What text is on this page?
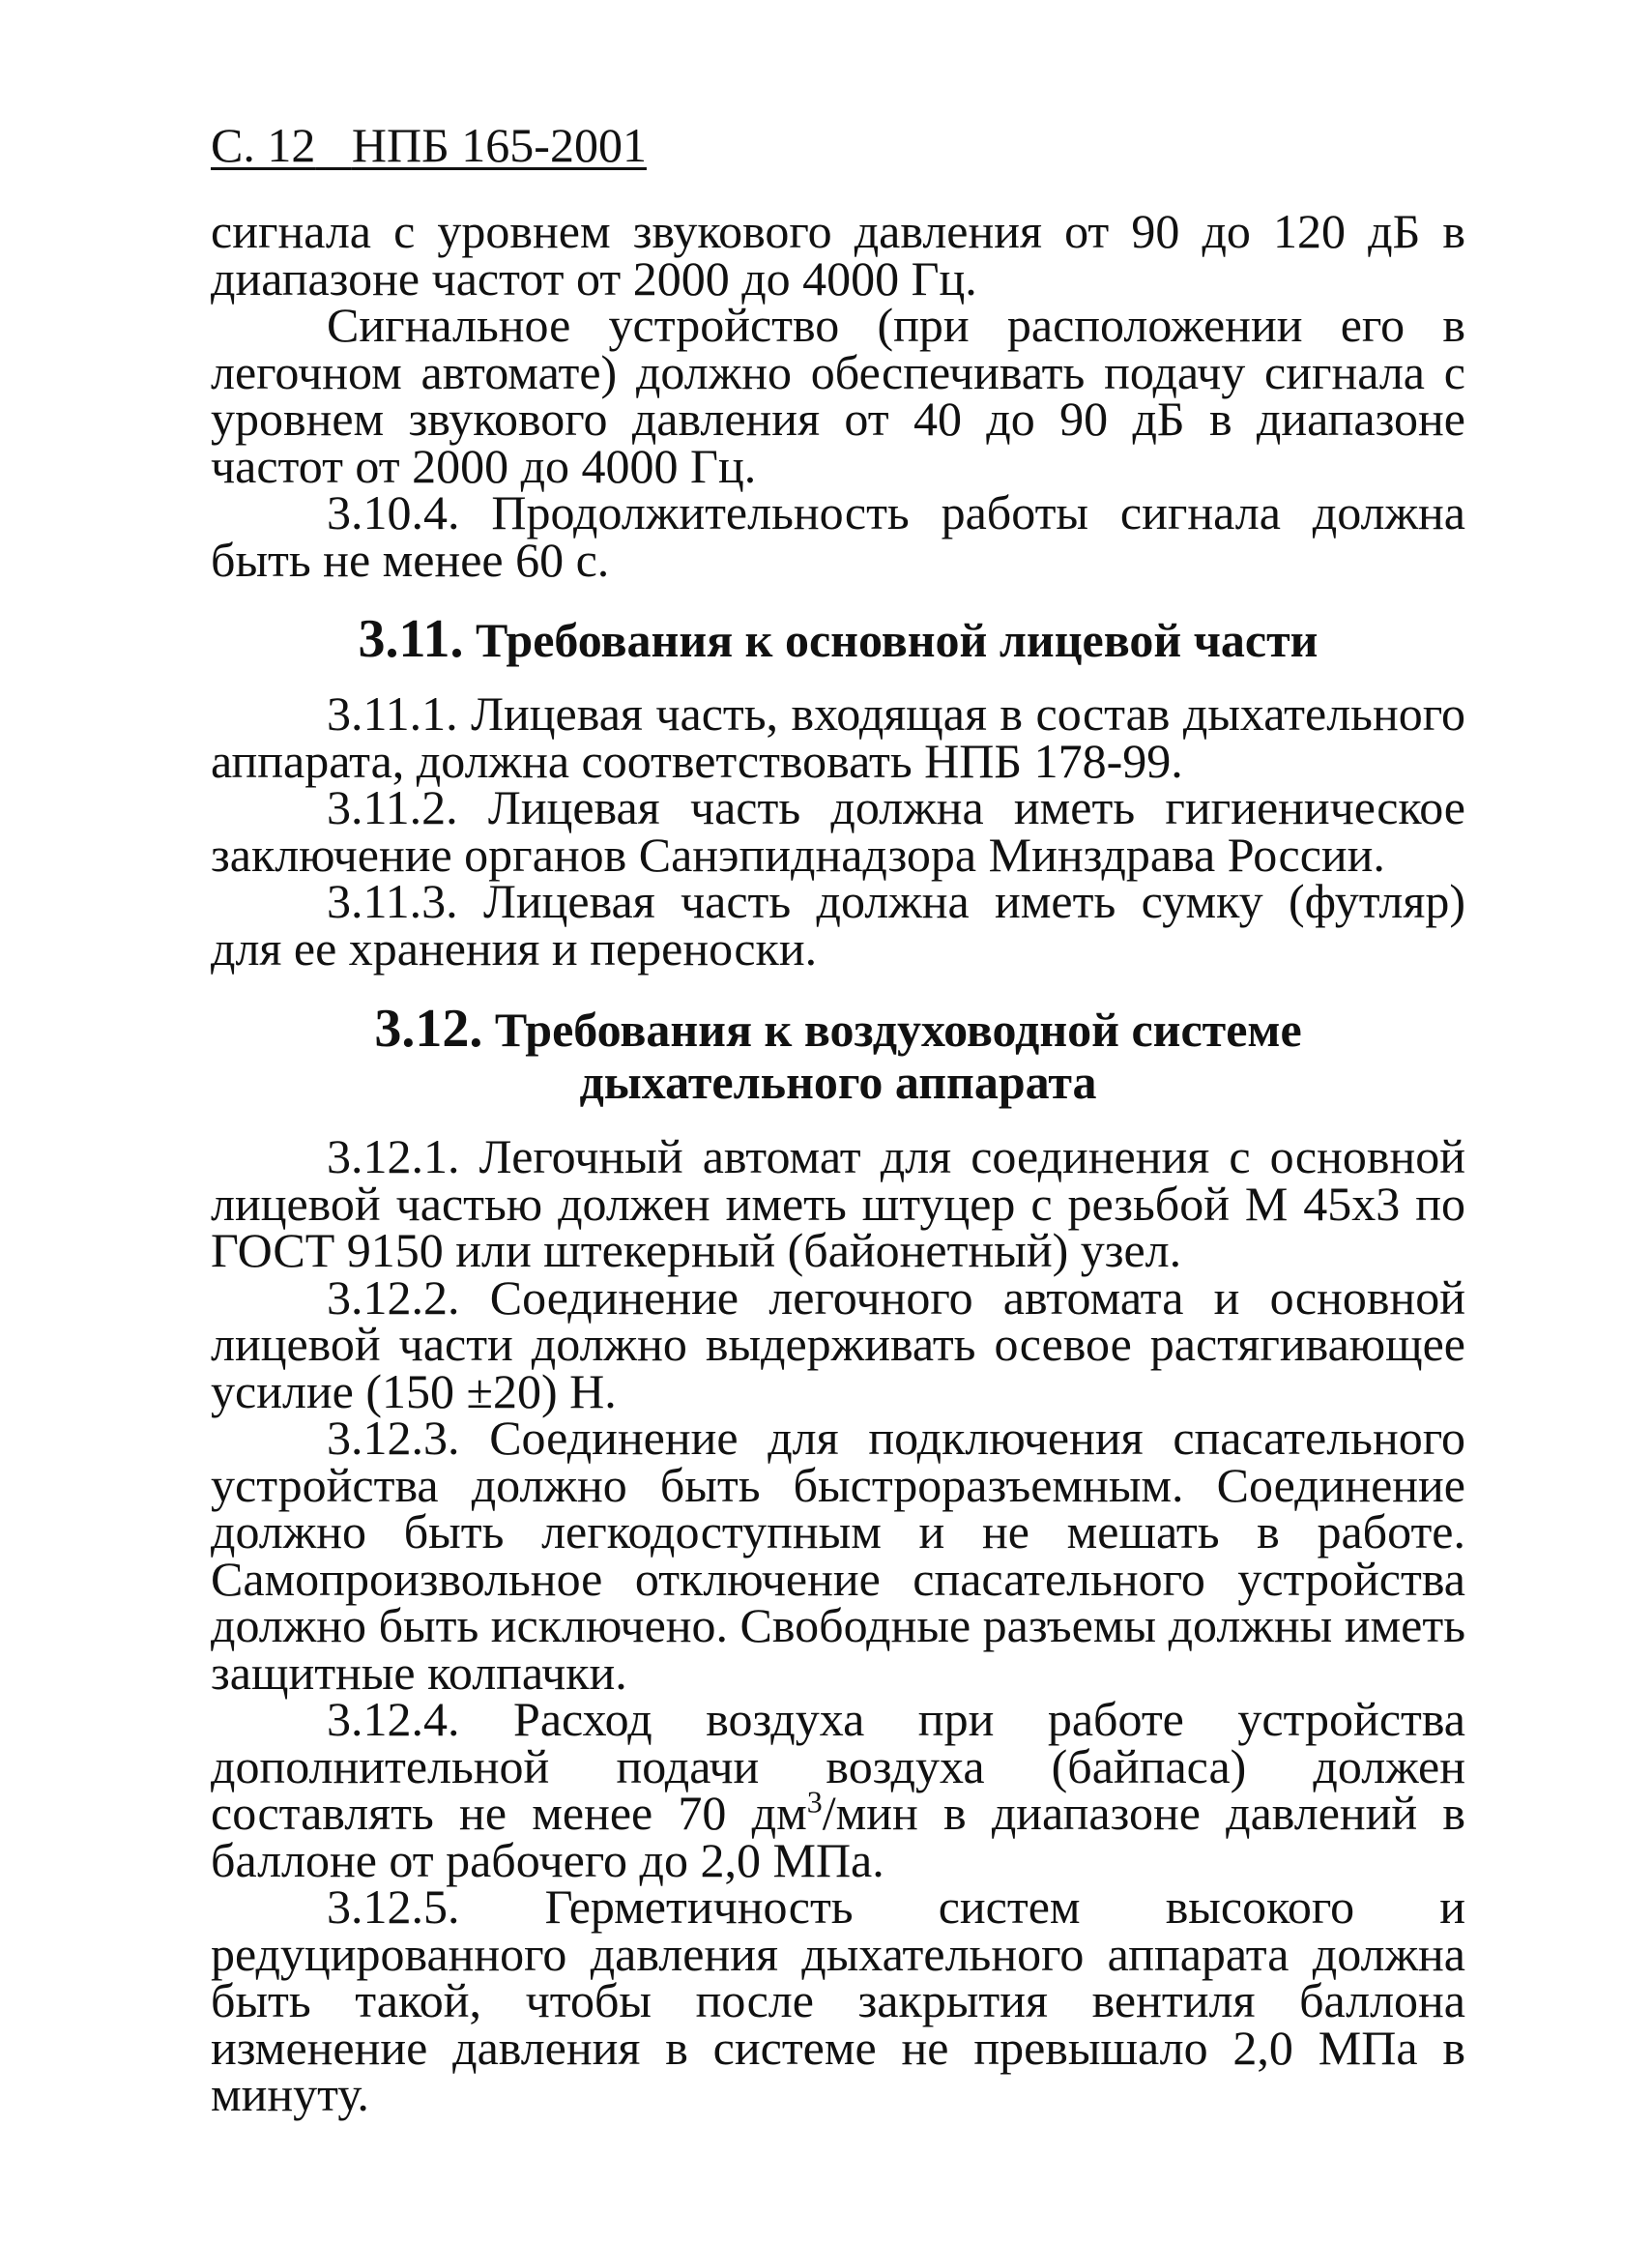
С. 12 НПБ 165-2001

сигнала с уровнем звукового давления от 90 до 120 дБ в диапазоне частот от 2000 до 4000 Гц.

Сигнальное устройство (при расположении его в легочном автомате) должно обеспечивать подачу сигнала с уровнем звукового давления от 40 до 90 дБ в диапазоне частот от 2000 до 4000 Гц.

3.10.4. Продолжительность работы сигнала должна быть не менее 60 с.

3.11. Требования к основной лицевой части

3.11.1. Лицевая часть, входящая в состав дыхательного аппарата, должна соответствовать НПБ 178-99.

3.11.2. Лицевая часть должна иметь гигиеническое заключение органов Санэпиднадзора Минздрава России.

3.11.3. Лицевая часть должна иметь сумку (футляр) для ее хранения и переноски.

3.12. Требования к воздуховодной системе
дыхательного аппарата

3.12.1. Легочный автомат для соединения с основной лицевой частью должен иметь штуцер с резьбой М 45х3 по ГОСТ 9150 или штекерный (байонетный) узел.

3.12.2. Соединение легочного автомата и основной лицевой части должно выдерживать осевое растягивающее усилие (150 ±20) Н.

3.12.3. Соединение для подключения спасательного устройства должно быть быстроразъемным. Соединение должно быть легкодоступным и не мешать в работе. Самопроизвольное отключение спасательного устройства должно быть исключено. Свободные разъемы должны иметь защитные колпачки.

3.12.4. Расход воздуха при работе устройства дополнительной подачи воздуха (байпаса) должен составлять не менее 70 $дм^3$/мин в диапазоне давлений в баллоне от рабочего до 2,0 МПа.

3.12.5. Герметичность систем высокого и редуцированного давления дыхательного аппарата должна быть такой, чтобы после закрытия вентиля баллона изменение давления в системе не превышало 2,0 МПа в минуту.
